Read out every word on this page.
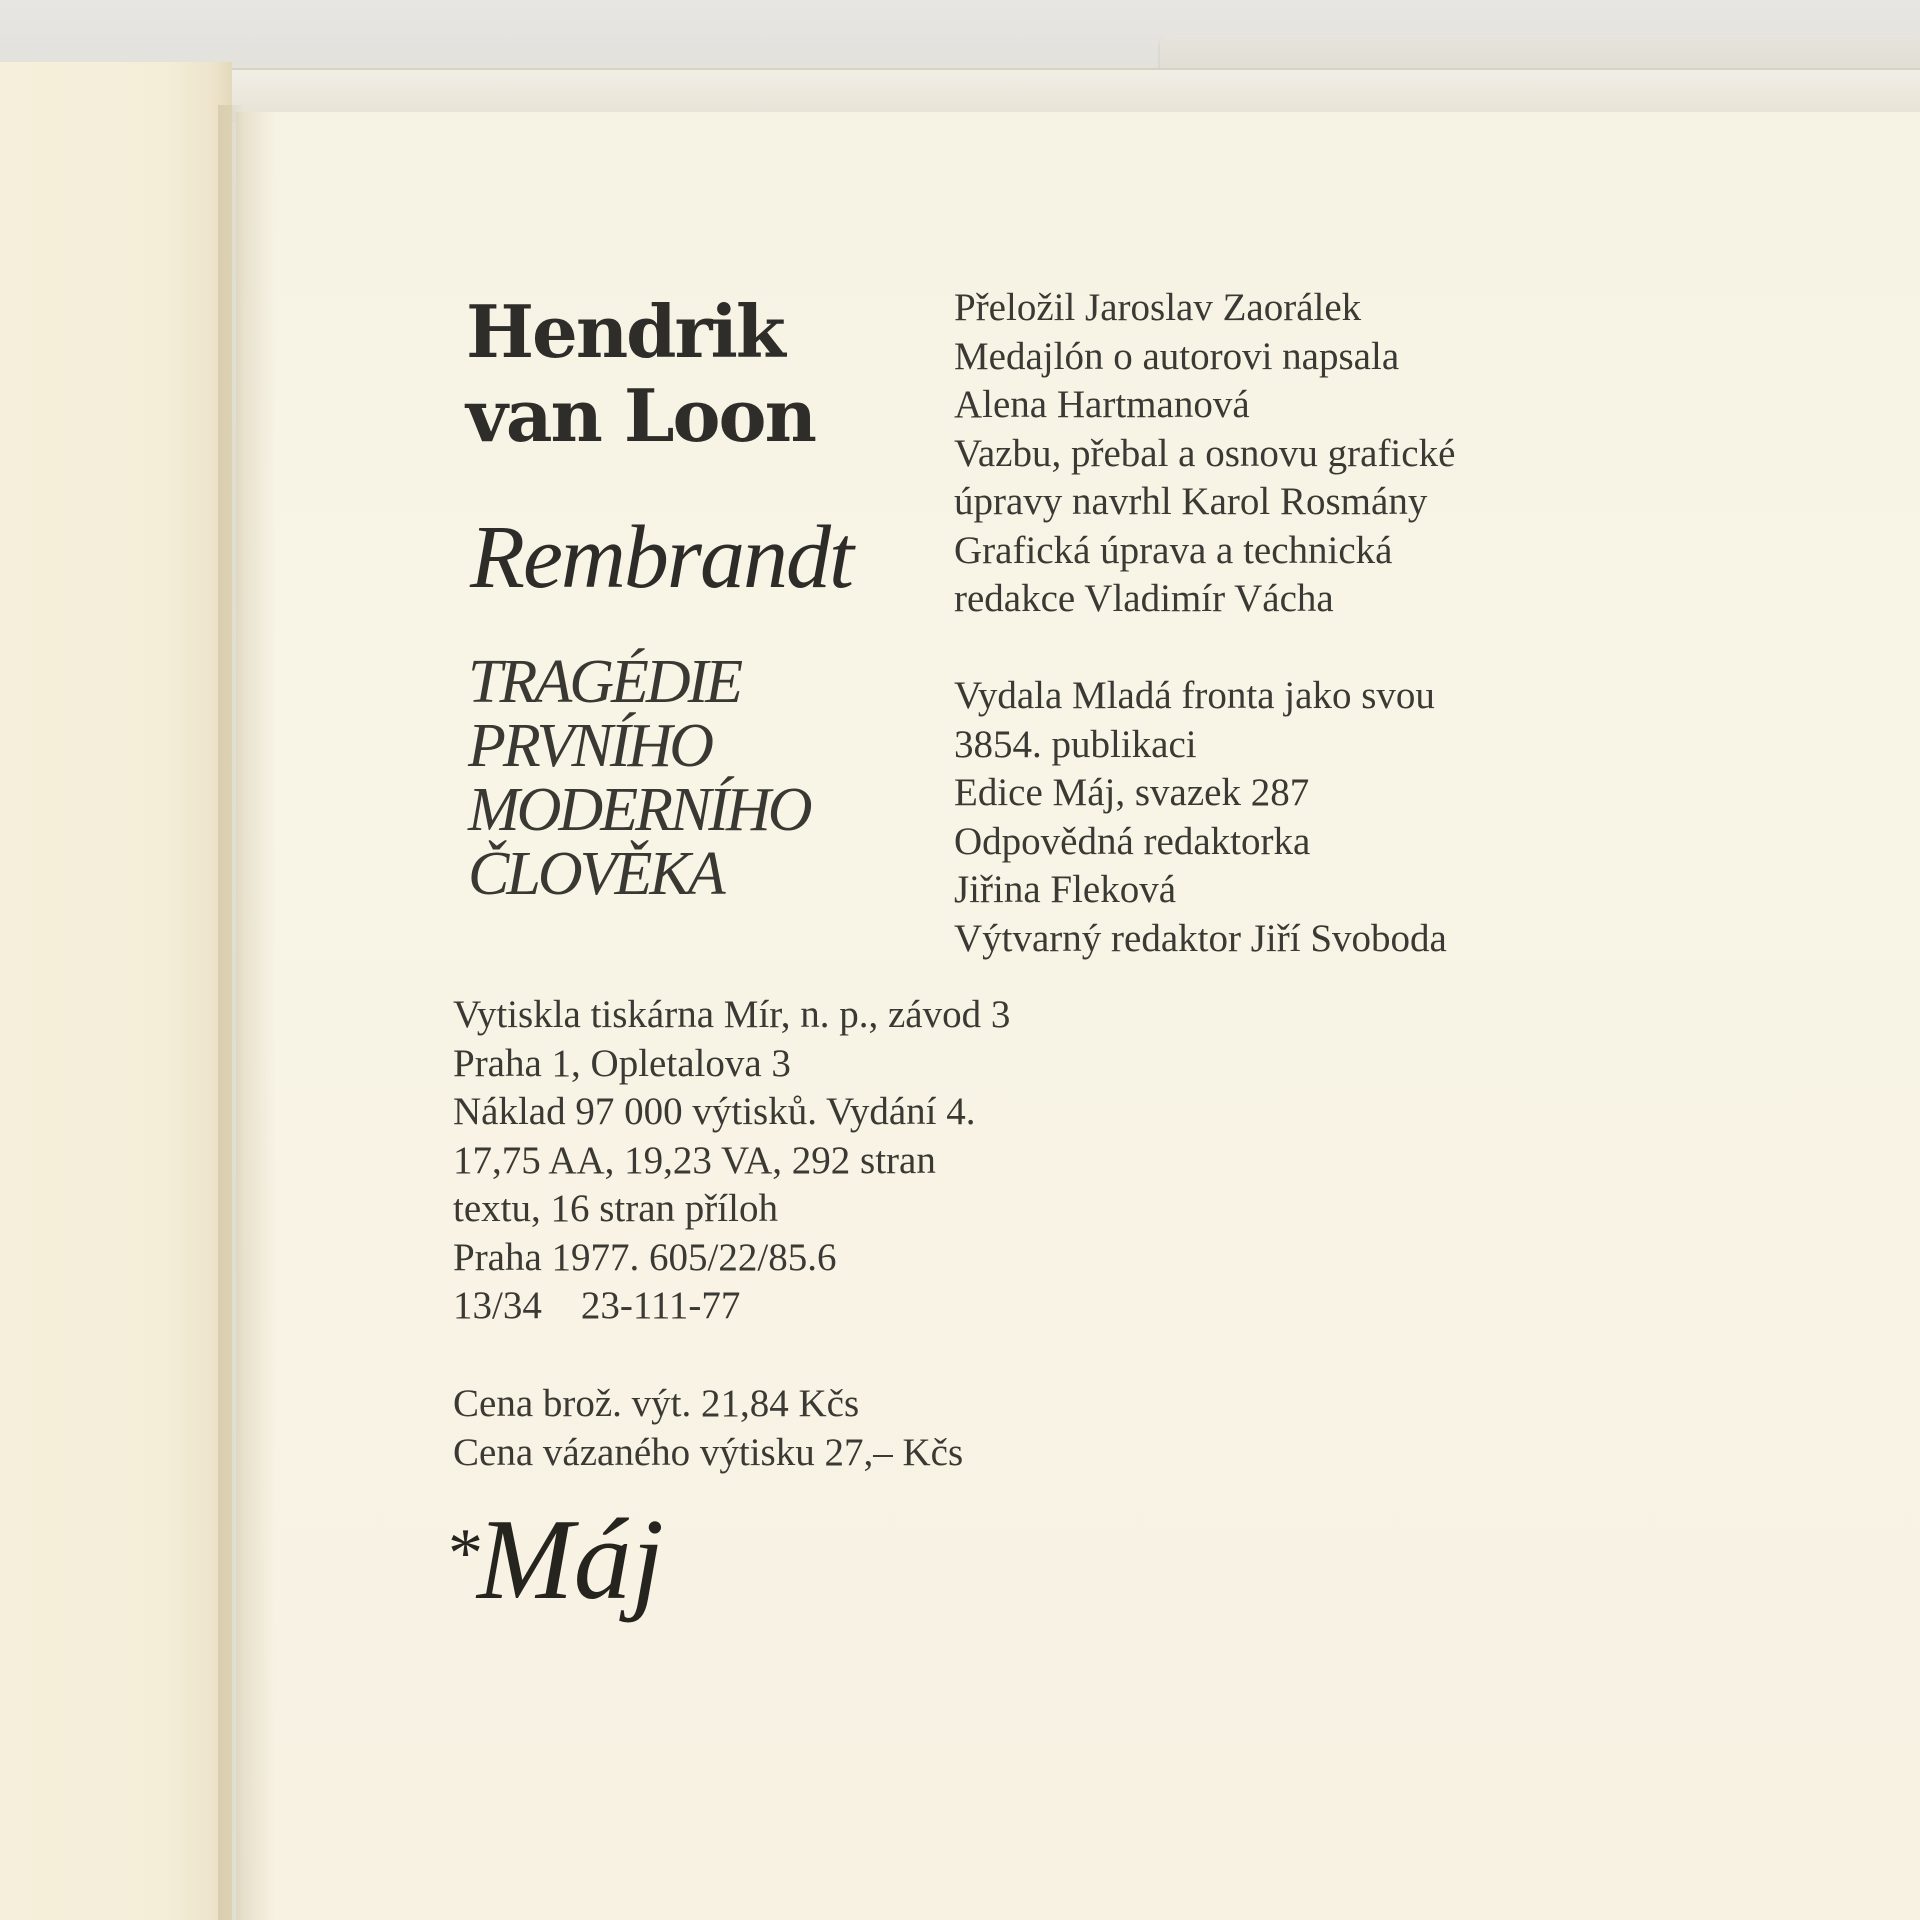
Hendrik
van Loon
Rembrandt
TRAGÉDIE
PRVNÍHO
MODERNÍHO
ČLOVĚKA
Přeložil Jaroslav Zaorálek
Medajlón o autorovi napsala
Alena Hartmanová
Vazbu, přebal a osnovu grafické
úpravy navrhl Karol Rosmány
Grafická úprava a technická
redakce Vladimír Vácha
Vydala Mladá fronta jako svou
3854. publikaci
Edice Máj, svazek 287
Odpovědná redaktorka
Jiřina Fleková
Výtvarný redaktor Jiří Svoboda
Vytiskla tiskárna Mír, n. p., závod 3
Praha 1, Opletalova 3
Náklad 97 000 výtisků. Vydání 4.
17,75 AA, 19,23 VA, 292 stran
textu, 16 stran příloh
Praha 1977. 605/22/85.6
13/34    23-111-77
Cena brož. výt. 21,84 Kčs
Cena vázaného výtisku 27,– Kčs
*Máj
